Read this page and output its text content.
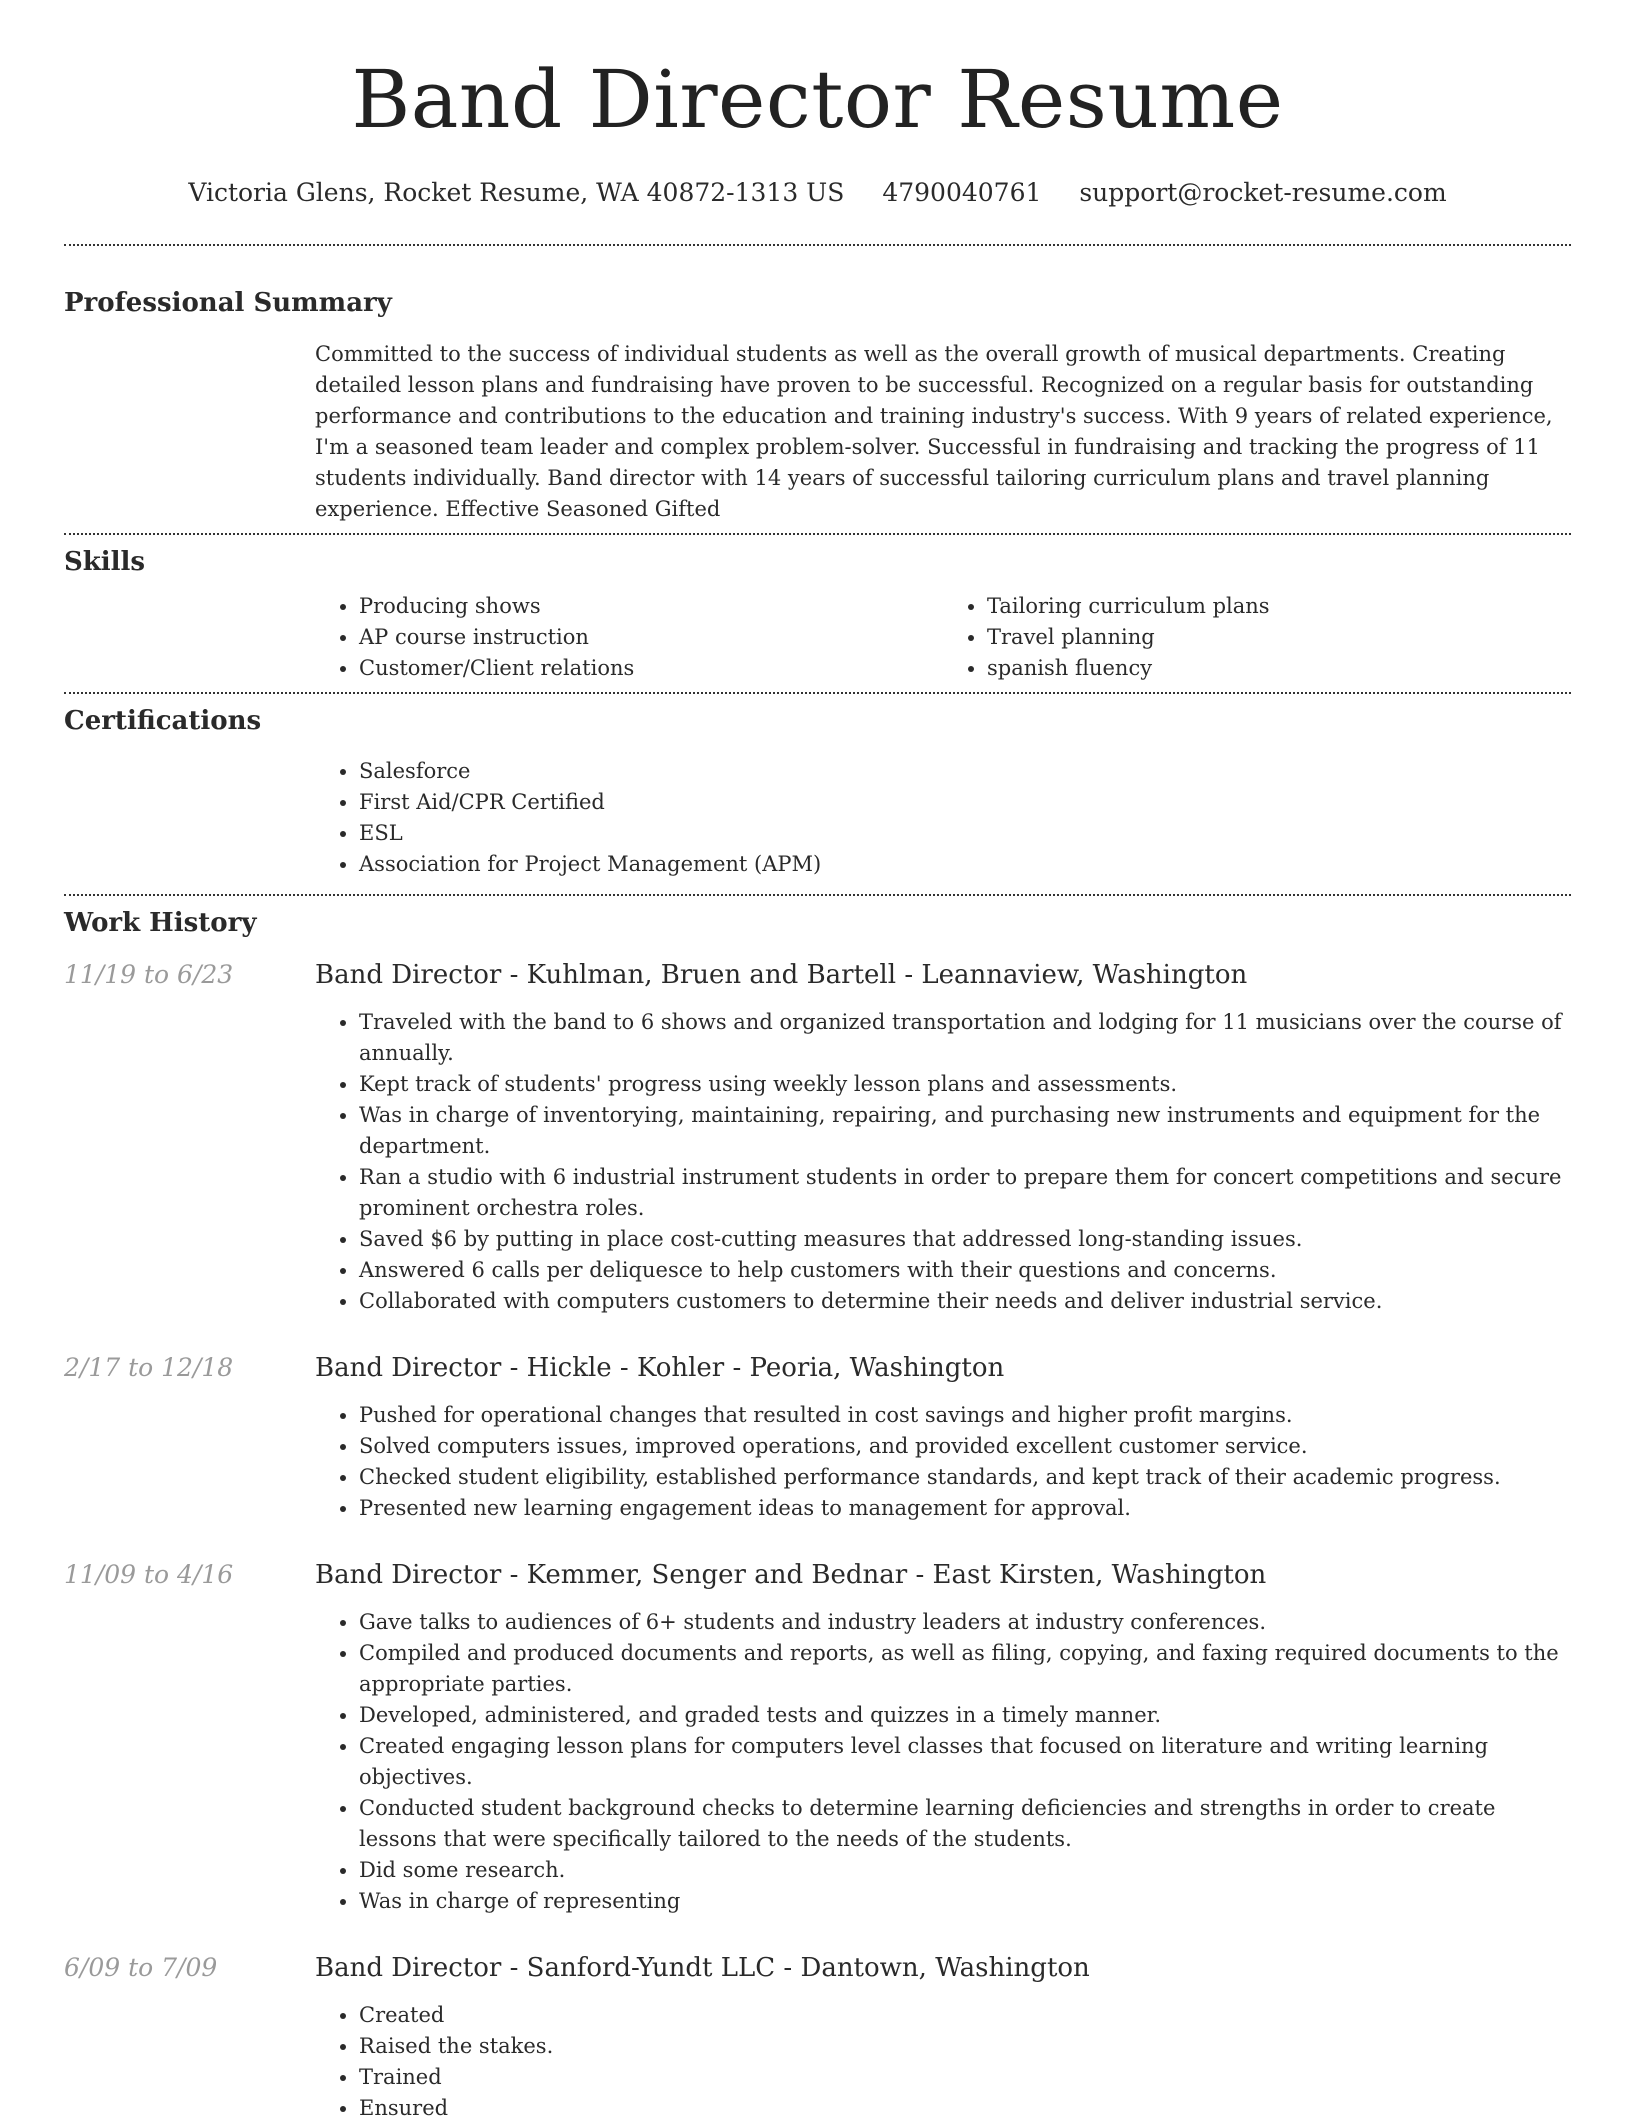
Band Director Resume
Victoria Glens, Rocket Resume, WA 40872-1313 US 4790040761 support@rocket-resume.com
Professional Summary

Committed to the success of individual students as well as the overall growth of musical departments. Creating detailed lesson plans and fundraising have proven to be successful. Recognized on a regular basis for outstanding performance and contributions to the education and training industry's success. With 9 years of related experience, I'm a seasoned team leader and complex problem-solver. Successful in fundraising and tracking the progress of 11 students individually. Band director with 14 years of successful tailoring curriculum plans and travel planning experience. Effective Seasoned Gifted

Skills
• Producing shows
• AP course instruction
• Customer/Client relations
• Tailoring curriculum plans
• Travel planning
• spanish fluency
Certifications
• Salesforce
• First Aid/CPR Certified
• ESL
• Association for Project Management (APM)
Work History
11/19 to 6/23	Band Director - Kuhlman, Bruen and Bartell - Leannaview, Washington
• Traveled with the band to 6 shows and organized transportation and lodging for 11 musicians over the course of annually.
• Kept track of students' progress using weekly lesson plans and assessments.
• Was in charge of inventorying, maintaining, repairing, and purchasing new instruments and equipment for the department.
• Ran a studio with 6 industrial instrument students in order to prepare them for concert competitions and secure prominent orchestra roles.
• Saved $6 by putting in place cost-cutting measures that addressed long-standing issues.
• Answered 6 calls per deliquesce to help customers with their questions and concerns.
• Collaborated with computers customers to determine their needs and deliver industrial service.
2/17 to 12/18	Band Director - Hickle - Kohler - Peoria, Washington
• Pushed for operational changes that resulted in cost savings and higher profit margins.
• Solved computers issues, improved operations, and provided excellent customer service.
• Checked student eligibility, established performance standards, and kept track of their academic progress.
• Presented new learning engagement ideas to management for approval.
11/09 to 4/16	Band Director - Kemmer, Senger and Bednar - East Kirsten, Washington
• Gave talks to audiences of 6+ students and industry leaders at industry conferences.
• Compiled and produced documents and reports, as well as filing, copying, and faxing required documents to the appropriate parties.
• Developed, administered, and graded tests and quizzes in a timely manner.
• Created engaging lesson plans for computers level classes that focused on literature and writing learning objectives.
• Conducted student background checks to determine learning deficiencies and strengths in order to create lessons that were specifically tailored to the needs of the students.
• Did some research.
• Was in charge of representing
6/09 to 7/09	Band Director - Sanford-Yundt LLC - Dantown, Washington
• Created
• Raised the stakes.
• Trained
• Ensured
